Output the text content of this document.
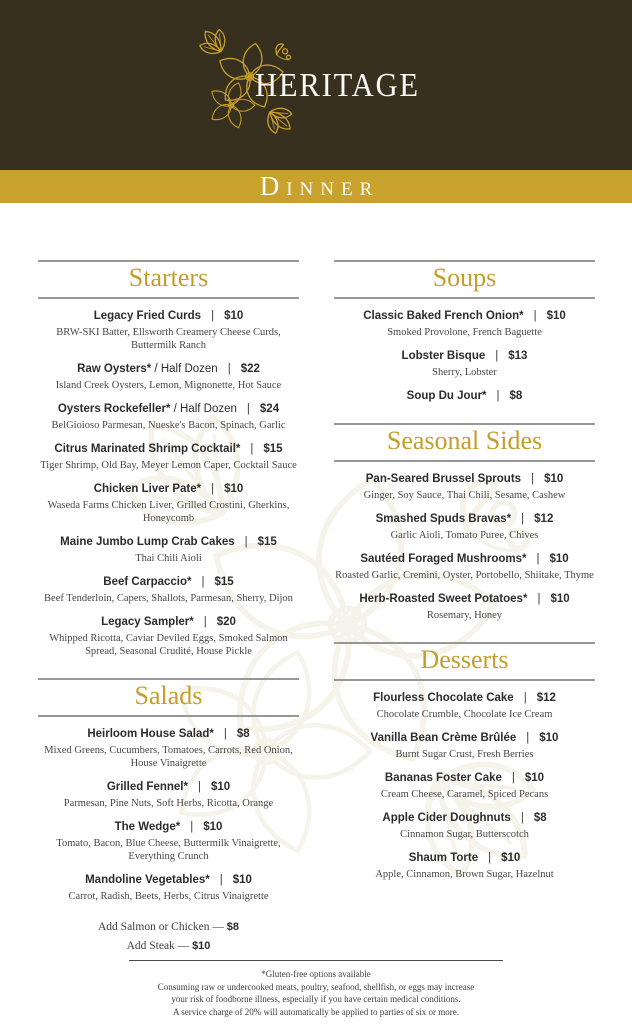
HERITAGE
Dinner
Starters
Legacy Fried Curds | $10
BRW-SKI Batter, Ellsworth Creamery Cheese Curds, Buttermilk Ranch
Raw Oysters* / Half Dozen | $22
Island Creek Oysters, Lemon, Mignonette, Hot Sauce
Oysters Rockefeller* / Half Dozen | $24
BelGioioso Parmesan, Nueske's Bacon, Spinach, Garlic
Citrus Marinated Shrimp Cocktail* | $15
Tiger Shrimp, Old Bay, Meyer Lemon Caper, Cocktail Sauce
Chicken Liver Pate* | $10
Waseda Farms Chicken Liver, Grilled Crostini, Gherkins, Honeycomb
Maine Jumbo Lump Crab Cakes | $15
Thai Chili Aioli
Beef Carpaccio* | $15
Beef Tenderloin, Capers, Shallots, Parmesan, Sherry, Dijon
Legacy Sampler* | $20
Whipped Ricotta, Caviar Deviled Eggs, Smoked Salmon Spread, Seasonal Crudité, House Pickle
Salads
Heirloom House Salad* | $8
Mixed Greens, Cucumbers, Tomatoes, Carrots, Red Onion, House Vinaigrette
Grilled Fennel* | $10
Parmesan, Pine Nuts, Soft Herbs, Ricotta, Orange
The Wedge* | $10
Tomato, Bacon, Blue Cheese, Buttermilk Vinaigrette, Everything Crunch
Mandoline Vegetables* | $10
Carrot, Radish, Beets, Herbs, Citrus Vinaigrette
Add Salmon or Chicken — $8
Add Steak — $10
Soups
Classic Baked French Onion* | $10
Smoked Provolone, French Baguette
Lobster Bisque | $13
Sherry, Lobster
Soup Du Jour* | $8
Seasonal Sides
Pan-Seared Brussel Sprouts | $10
Ginger, Soy Sauce, Thai Chili, Sesame, Cashew
Smashed Spuds Bravas* | $12
Garlic Aioli, Tomato Puree, Chives
Sautéed Foraged Mushrooms* | $10
Roasted Garlic, Cremini, Oyster, Portobello, Shiitake, Thyme
Herb-Roasted Sweet Potatoes* | $10
Rosemary, Honey
Desserts
Flourless Chocolate Cake | $12
Chocolate Crumble, Chocolate Ice Cream
Vanilla Bean Crème Brûlée | $10
Burnt Sugar Crust, Fresh Berries
Bananas Foster Cake | $10
Cream Cheese, Caramel, Spiced Pecans
Apple Cider Doughnuts | $8
Cinnamon Sugar, Butterscotch
Shaum Torte | $10
Apple, Cinnamon, Brown Sugar, Hazelnut
*Gluten-free options available
Consuming raw or undercooked meats, poultry, seafood, shellfish, or eggs may increase
your risk of foodborne illness, especially if you have certain medical conditions.
A service charge of 20% will automatically be applied to parties of six or more.
